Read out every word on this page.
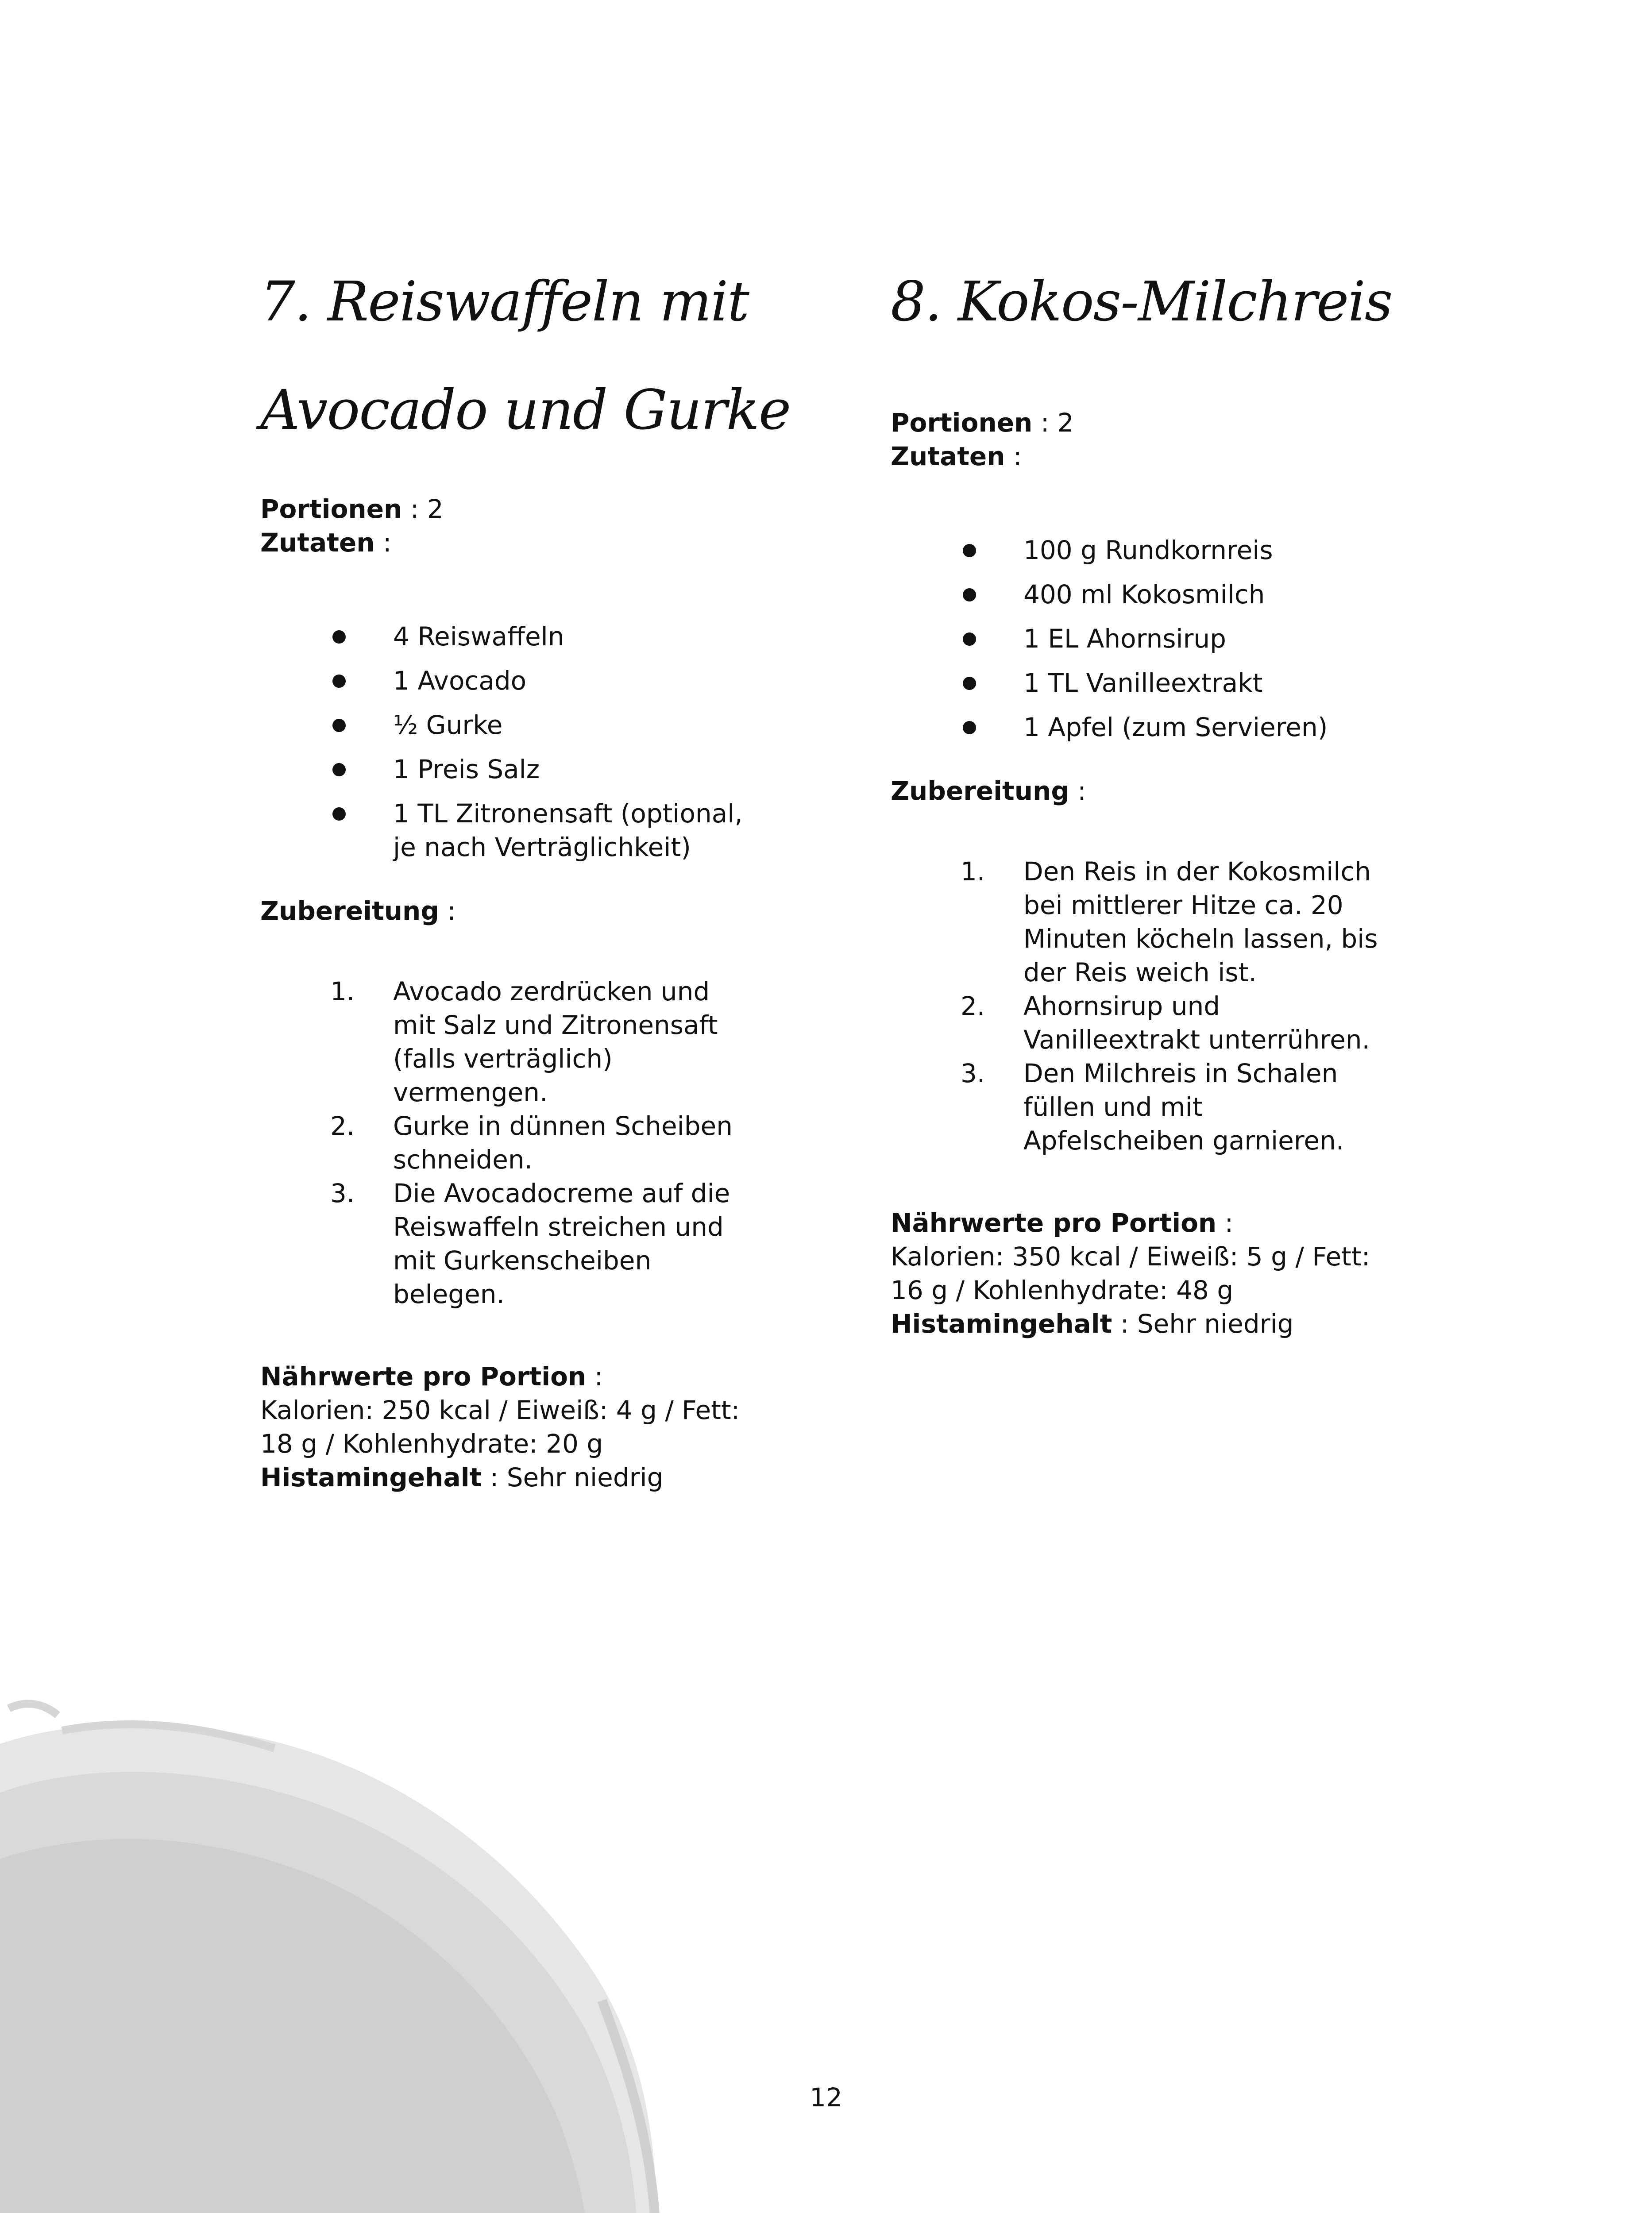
7. Reiswaffeln mit
Avocado und Gurke
Portionen : 2
Zutaten :
4 Reiswaffeln
1 Avocado
½ Gurke
1 Preis Salz
1 TL Zitronensaft (optional, je nach Verträglichkeit)
Zubereitung :
1. Avocado zerdrücken und mit Salz und Zitronensaft (falls verträglich) vermengen.
2. Gurke in dünnen Scheiben schneiden.
3. Die Avocadocreme auf die Reiswaffeln streichen und mit Gurkenscheiben belegen.
Nährwerte pro Portion :
Kalorien: 250 kcal / Eiweiß: 4 g / Fett: 18 g / Kohlenhydrate: 20 g
Histamingehalt : Sehr niedrig
8. Kokos-Milchreis
Portionen : 2
Zutaten :
100 g Rundkornreis
400 ml Kokosmilch
1 EL Ahornsirup
1 TL Vanilleextrakt
1 Apfel (zum Servieren)
Zubereitung :
1. Den Reis in der Kokosmilch bei mittlerer Hitze ca. 20 Minuten köcheln lassen, bis der Reis weich ist.
2. Ahornsirup und Vanilleextrakt unterrühren.
3. Den Milchreis in Schalen füllen und mit Apfelscheiben garnieren.
Nährwerte pro Portion :
Kalorien: 350 kcal / Eiweiß: 5 g / Fett: 16 g / Kohlenhydrate: 48 g
Histamingehalt : Sehr niedrig
12
